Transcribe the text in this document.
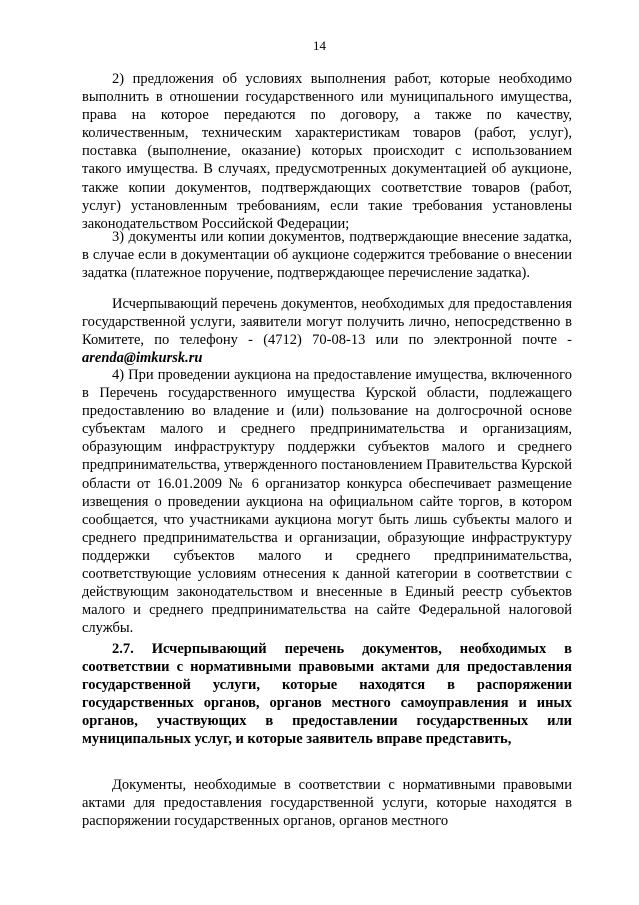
14

2) предложения об условиях выполнения работ, которые необходимо выполнить в отношении государственного или муниципального имущества, права на которое передаются по договору, а также по качеству, количественным, техническим характеристикам товаров (работ, услуг), поставка (выполнение, оказание) которых происходит с использованием такого имущества. В случаях, предусмотренных документацией об аукционе, также копии документов, подтверждающих соответствие товаров (работ, услуг) установленным требованиям, если такие требования установлены законодательством Российской Федерации;

3) документы или копии документов, подтверждающие внесение задатка, в случае если в документации об аукционе содержится требование о внесении задатка (платежное поручение, подтверждающее перечисление задатка).

Исчерпывающий перечень документов, необходимых для предоставления государственной услуги, заявители могут получить лично, непосредственно в Комитете, по телефону - (4712) 70-08-13 или по электронной почте - arenda@imkursk.ru

4) При проведении аукциона на предоставление имущества, включенного в Перечень государственного имущества Курской области, подлежащего предоставлению во владение и (или) пользование на долгосрочной основе субъектам малого и среднего предпринимательства и организациям, образующим инфраструктуру поддержки субъектов малого и среднего предпринимательства, утвержденного постановлением Правительства Курской области от 16.01.2009 № 6 организатор конкурса обеспечивает размещение извещения о проведении аукциона на официальном сайте торгов, в котором сообщается, что участниками аукциона могут быть лишь субъекты малого и среднего предпринимательства и организации, образующие инфраструктуру поддержки субъектов малого и среднего предпринимательства, соответствующие условиям отнесения к данной категории в соответствии с действующим законодательством и внесенные в Единый реестр субъектов малого и среднего предпринимательства на сайте Федеральной налоговой службы.

2.7. Исчерпывающий перечень документов, необходимых в соответствии с нормативными правовыми актами для предоставления государственной услуги, которые находятся в распоряжении государственных органов, органов местного самоуправления и иных органов, участвующих в предоставлении государственных или муниципальных услуг, и которые заявитель вправе представить,

Документы, необходимые в соответствии с нормативными правовыми актами для предоставления государственной услуги, которые находятся в распоряжении государственных органов, органов местного
